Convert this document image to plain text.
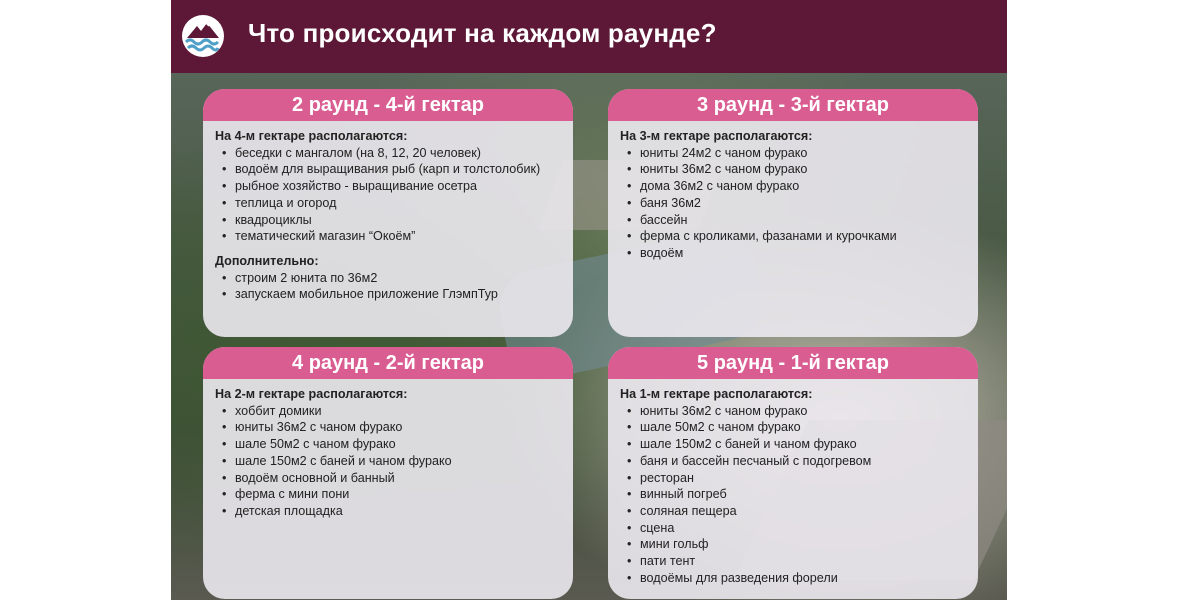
Что происходит на каждом раунде?
2 раунд - 4-й гектар
На 4-м гектаре располагаются:
• беседки с мангалом (на 8, 12, 20 человек)
• водоём для выращивания рыб (карп и толстолобик)
• рыбное хозяйство - выращивание осетра
• теплица и огород
• квадроциклы
• тематический магазин “Окоём”
Дополнительно:
• строим 2 юнита по 36м2
• запускаем мобильное приложение ГлэмпТур
3 раунд - 3-й гектар
На 3-м гектаре располагаются:
• юниты 24м2 с чаном фурако
• юниты 36м2 с чаном фурако
• дома 36м2 с чаном фурако
• баня 36м2
• бассейн
• ферма с кроликами, фазанами и курочками
• водоём
4 раунд - 2-й гектар
На 2-м гектаре располагаются:
• хоббит домики
• юниты 36м2 с чаном фурако
• шале 50м2 с чаном фурако
• шале 150м2 с баней и чаном фурако
• водоём основной и банный
• ферма с мини пони
• детская площадка
5 раунд - 1-й гектар
На 1-м гектаре располагаются:
• юниты 36м2 с чаном фурако
• шале 50м2 с чаном фурако
• шале 150м2 с баней и чаном фурако
• баня и бассейн песчаный с подогревом
• ресторан
• винный погреб
• соляная пещера
• сцена
• мини гольф
• пати тент
• водоёмы для разведения форели
